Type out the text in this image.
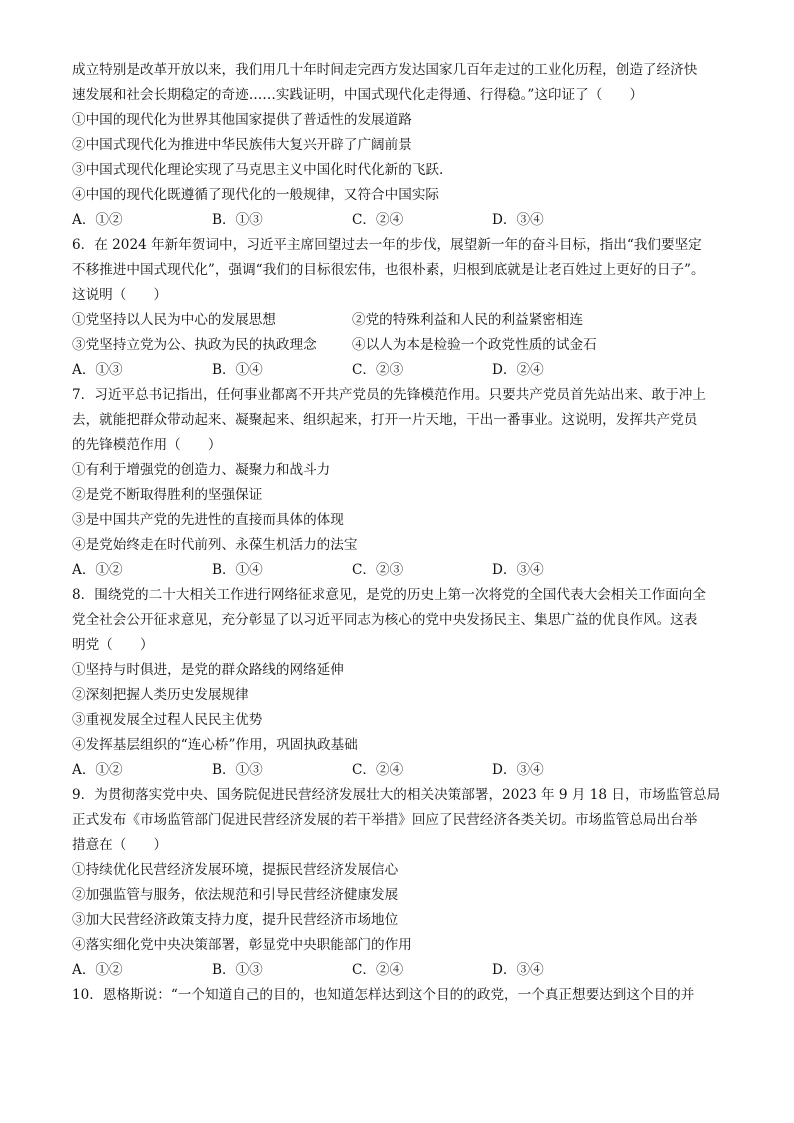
成立特别是改革开放以来，我们用几十年时间走完西方发达国家几百年走过的工业化历程，创造了经济快
速发展和社会长期稳定的奇迹……实践证明，中国式现代化走得通、行得稳。”这印证了（　　）
①中国的现代化为世界其他国家提供了普适性的发展道路
②中国式现代化为推进中华民族伟大复兴开辟了广阔前景
③中国式现代化理论实现了马克思主义中国化时代化新的飞跃.
④中国的现代化既遵循了现代化的一般规律，又符合中国实际
A．①②	B．①③	C．②④	D．③④
6．在 2024 年新年贺词中，习近平主席回望过去一年的步伐，展望新一年的奋斗目标，指出“我们要坚定
不移推进中国式现代化”，强调“我们的目标很宏伟，也很朴素，归根到底就是让老百姓过上更好的日子”。
这说明（　　）
①党坚持以人民为中心的发展思想	②党的特殊利益和人民的利益紧密相连
③党坚持立党为公、执政为民的执政理念	④以人为本是检验一个政党性质的试金石
A．①③	B．①④	C．②③	D．②④
7．习近平总书记指出，任何事业都离不开共产党员的先锋模范作用。只要共产党员首先站出来、敢于冲上
去，就能把群众带动起来、凝聚起来、组织起来，打开一片天地，干出一番事业。这说明，发挥共产党员
的先锋模范作用（　　）
①有利于增强党的创造力、凝聚力和战斗力
②是党不断取得胜利的坚强保证
③是中国共产党的先进性的直接而具体的体现
④是党始终走在时代前列、永葆生机活力的法宝
A．①②	B．①④	C．②③	D．③④
8．围绕党的二十大相关工作进行网络征求意见，是党的历史上第一次将党的全国代表大会相关工作面向全
党全社会公开征求意见，充分彰显了以习近平同志为核心的党中央发扬民主、集思广益的优良作风。这表
明党（　　）
①坚持与时俱进，是党的群众路线的网络延伸
②深刻把握人类历史发展规律
③重视发展全过程人民民主优势
④发挥基层组织的“连心桥”作用，巩固执政基础
A．①②	B．①③	C．②④	D．③④
9．为贯彻落实党中央、国务院促进民营经济发展壮大的相关决策部署，2023 年 9 月 18 日，市场监管总局
正式发布《市场监管部门促进民营经济发展的若干举措》回应了民营经济各类关切。市场监管总局出台举
措意在（　　）
①持续优化民营经济发展环境，提振民营经济发展信心
②加强监管与服务，依法规范和引导民营经济健康发展
③加大民营经济政策支持力度，提升民营经济市场地位
④落实细化党中央决策部署，彰显党中央职能部门的作用
A．①②	B．①③	C．②④	D．③④
10．恩格斯说：“一个知道自己的目的，也知道怎样达到这个目的的政党，一个真正想要达到这个目的并
